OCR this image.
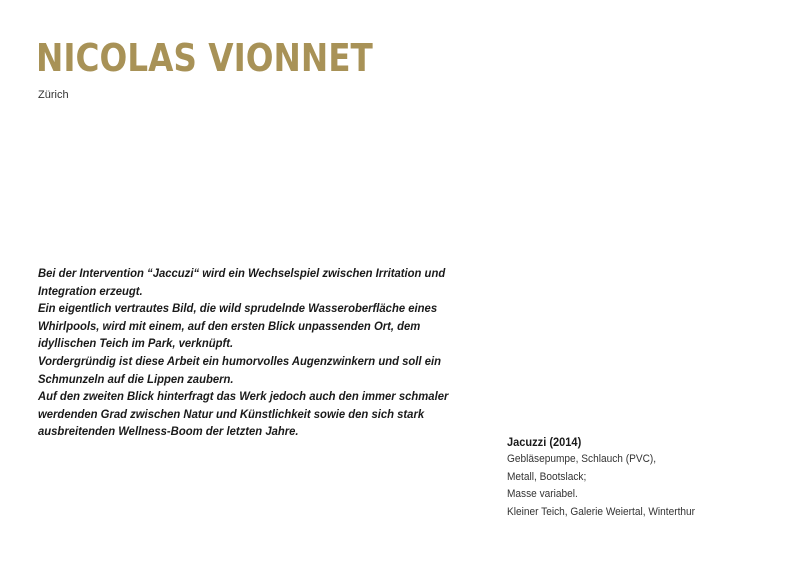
NICOLAS VIONNET
Zürich

Bei der Intervention “Jaccuzi“ wird ein Wechselspiel zwischen Irritation und Integration erzeugt.

Ein eigentlich vertrautes Bild, die wild sprudelnde Wasseroberfläche eines Whirlpools, wird mit einem, auf den ersten Blick unpassenden Ort, dem idyllischen Teich im Park, verknüpft.

Vordergründig ist diese Arbeit ein humorvolles Augenzwinkern und soll ein Schmunzeln auf die Lippen zaubern.

Auf den zweiten Blick hinterfragt das Werk jedoch auch den immer schmaler werdenden Grad zwischen Natur und Künstlichkeit sowie den sich stark ausbreitenden Wellness-Boom der letzten Jahre.

Jacuzzi (2014)

Gebläsepumpe, Schlauch (PVC),

Metall, Bootslack;

Masse variabel.

Kleiner Teich, Galerie Weiertal, Winterthur
